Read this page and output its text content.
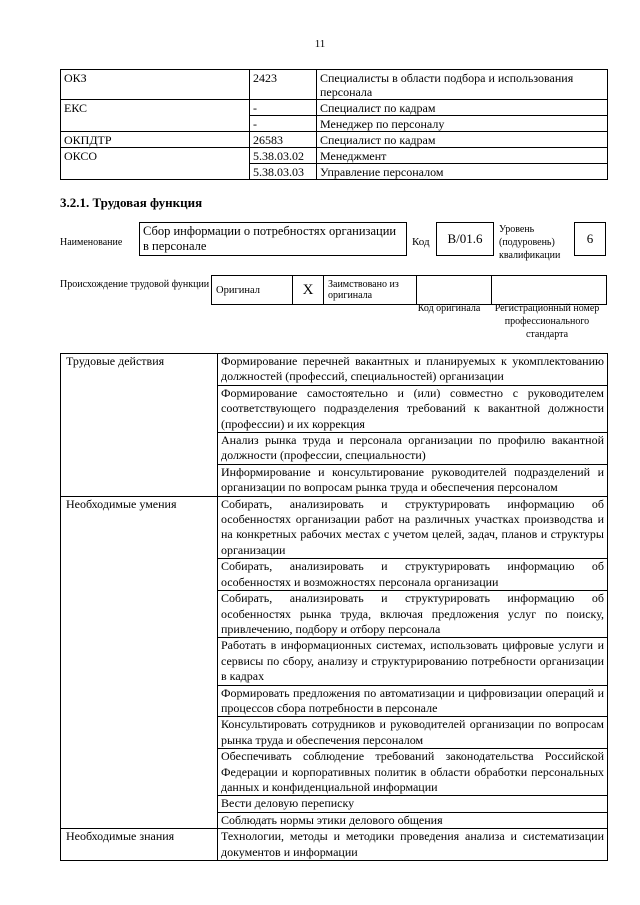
11
ОКЗ	2423	Специалисты в области подбора и использования персонала
ЕКС	-	Специалист по кадрам
	-	Менеджер по персоналу
ОКПДТР	26583	Специалист по кадрам
ОКСО	5.38.03.02	Менеджмент
	5.38.03.03	Управление персоналом
3.2.1. Трудовая функция
Наименование
Сбор информации о потребностях организации в персонале	Код	В/01.6
Уровень (подуровень) квалификации
6
Происхождение трудовой функции Оригинал	X	Заимствовано из оригинала		
Код оригинала	Регистрационный номер профессионального стандарта
Трудовые действия	Формирование перечней вакантных и планируемых к укомплектованию должностей (профессий, специальностей) организации
	Формирование самостоятельно и (или) совместно с руководителем соответствующего подразделения требований к вакантной должности (профессии) и их коррекция
	Анализ рынка труда и персонала организации по профилю вакантной должности (профессии, специальности)
	Информирование и консультирование руководителей подразделений и организации по вопросам рынка труда и обеспечения персоналом
Необходимые умения	Собирать, анализировать и структурировать информацию об особенностях организации работ на различных участках производства и на конкретных рабочих местах с учетом целей, задач, планов и структуры организации
	Собирать, анализировать и структурировать информацию об особенностях и возможностях персонала организации
	Собирать, анализировать и структурировать информацию об особенностях рынка труда, включая предложения услуг по поиску, привлечению, подбору и отбору персонала
	Работать в информационных системах, использовать цифровые услуги и сервисы по сбору, анализу и структурированию потребности организации в кадрах
	Формировать предложения по автоматизации и цифровизации операций и процессов сбора потребности в персонале
	Консультировать сотрудников и руководителей организации по вопросам рынка труда и обеспечения персоналом
	Обеспечивать соблюдение требований законодательства Российской Федерации и корпоративных политик в области обработки персональных данных и конфиденциальной информации
	Вести деловую переписку
	Соблюдать нормы этики делового общения
Необходимые знания	Технологии, методы и методики проведения анализа и систематизации документов и информации
